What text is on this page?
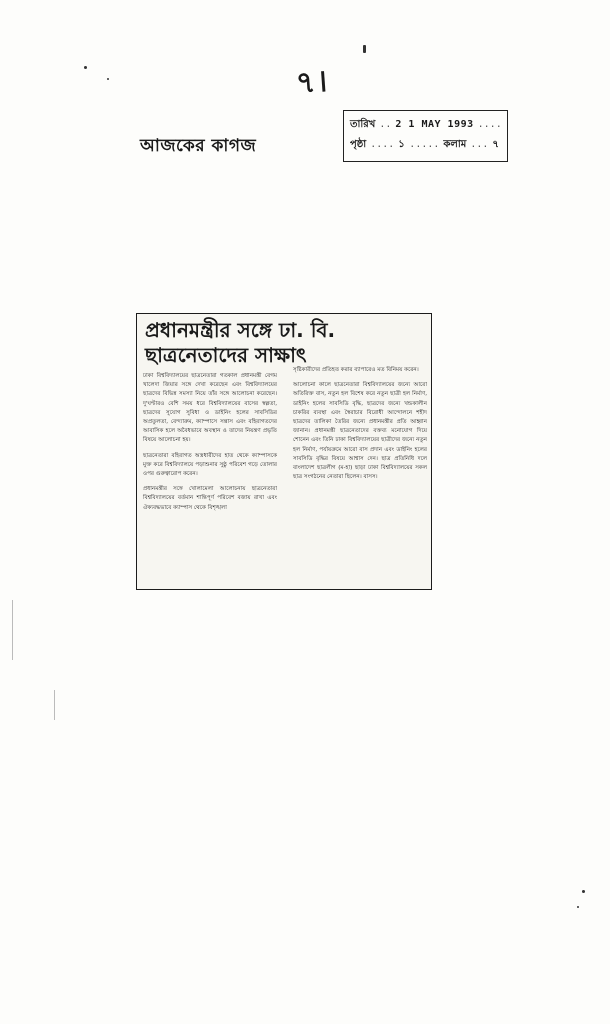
৭।
আজকের কাগজ
তারিখ .. 2 1 MAY 1993 ....
পৃষ্ঠা .... ১ ..... কলাম ... ৭
প্রধানমন্ত্রীর সঙ্গে ঢা. বি.
ছাত্রনেতাদের সাক্ষাৎ

ঢাকা বিশ্ববিদ্যালয়ের ছাত্রনেতারা গতকাল প্রধানমন্ত্রী বেগম খালেদা জিয়ার সঙ্গে দেখা করেছেন এবং বিশ্ববিদ্যালয়ের ছাত্রদের বিভিন্ন সমস্যা নিয়ে তাঁর সঙ্গে আলোচনা করেছেন। দু'ঘণ্টারও বেশি সময় ধরে বিশ্ববিদ্যালয়ের বাসের স্বল্পতা, ছাত্রদের সুযোগ সুবিধা ও ডাইনিং হলের সাবসিডির অপ্রতুলতা, বেন্দ্যারুম, ক্যাম্পাসে সন্ত্রাস এবং বহিরাগতদের আবাসিক হলে অবৈধভাবে অবস্থান ও তাদের নিয়ন্ত্রণ প্রভৃতি বিষয়ে আলোচনা হয়।

ছাত্রনেতারা বহিরাগত অস্ত্রধারীদের হাত থেকে ক্যাম্পাসকে মুক্ত করে বিশ্ববিদ্যালয়ে পড়াশুনার সুষ্ঠু পরিবেশ গড়ে তোলার ওপর গুরুত্বারোপ করেন।

প্রধানমন্ত্রীর সঙ্গে খোলামেলা আলোচনায় ছাত্রনেতারা বিশ্ববিদ্যালয়ের বর্তমান শান্তিপূর্ণ পরিবেশ বজায় রাখা এবং ঐক্যবদ্ধভাবে ক্যাম্পাস থেকে বিশৃঙ্খলা

সৃষ্টিকারীদের প্রতিহত করার ব্যাপারেও মত বিনিময় করেন।

আলোচনা কালে ছাত্রনেতারা বিশ্ববিদ্যালয়ের জন্যে আরো অতিরিক্ত বাস, নতুন হল বিশেষ করে নতুন ছাত্রী হল নির্মাণ, ডাইনিং হলের সাবসিডি বৃদ্ধি, ছাত্রদের জন্যে খন্ডকালীন চাকরির ব্যবস্থা এবং স্বৈরাচার বিরোধী আন্দোলনে শহীদ ছাত্রদের তালিকা তৈরির জন্যে প্রধানমন্ত্রীর প্রতি আহ্বান জানান। প্রধানমন্ত্রী ছাত্রনেতাদের বক্তব্য মনোযোগ দিয়ে শোনেন এবং তিনি ঢাকা বিশ্ববিদ্যালয়ের ছাত্রীদের জন্যে নতুন হল নির্মাণ, পর্যায়ক্রমে আরো বাস প্রদান এবং ডাইনিং হলের সাবসিডি বৃদ্ধির বিষয়ে আশ্বাস দেন। ছাত্র প্রতিনিধি দলে বাংলাদেশ ছাত্রলীগ (ম-হা) ছাড়া ঢাকা বিশ্ববিদ্যালয়ের সকল ছাত্র সংগঠনের নেতারা ছিলেন। বাসস।
